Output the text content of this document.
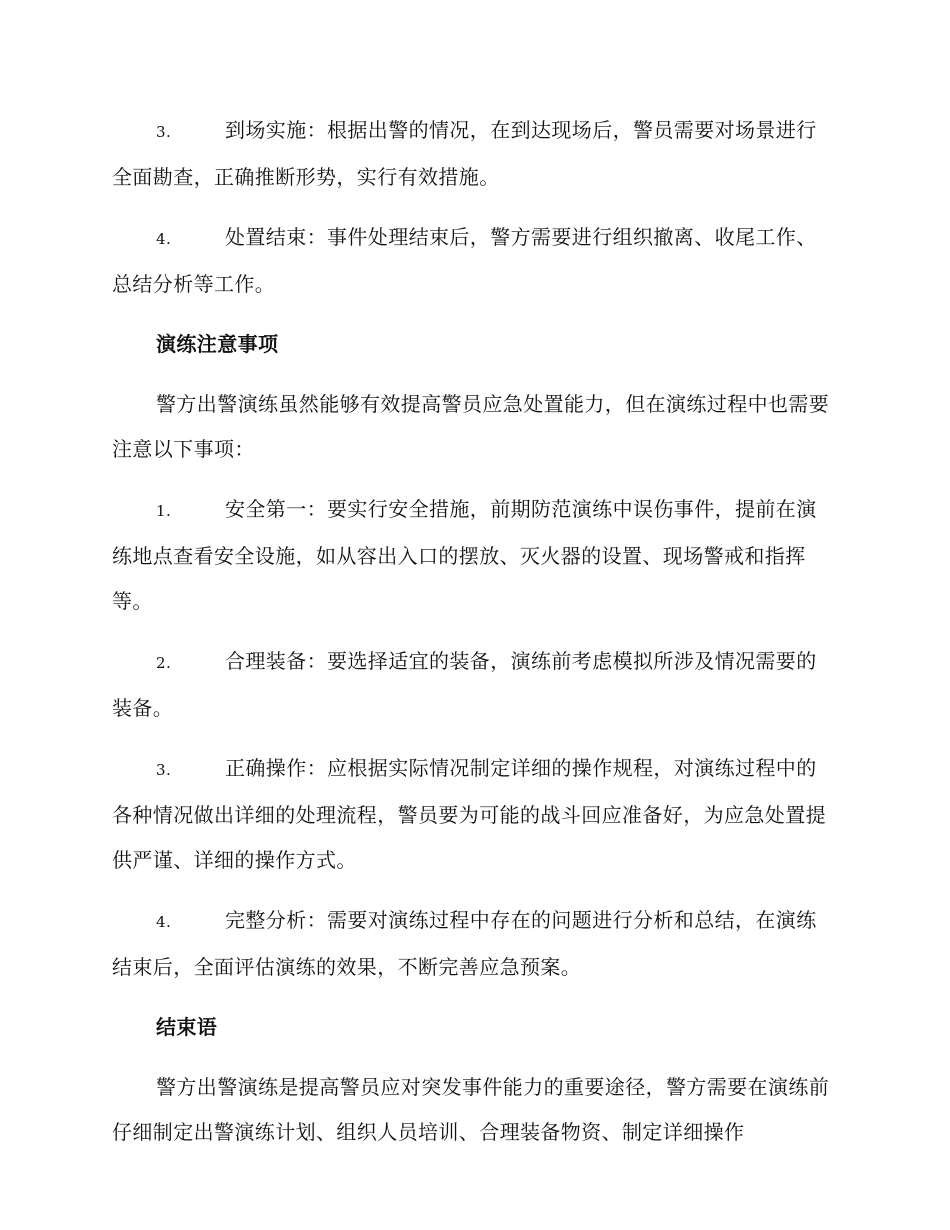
3.	到场实施：根据出警的情况，在到达现场后，警员需要对场景进行全面勘查，正确推断形势，实行有效措施。

4.	处置结束：事件处理结束后，警方需要进行组织撤离、收尾工作、总结分析等工作。

演练注意事项

警方出警演练虽然能够有效提高警员应急处置能力，但在演练过程中也需要注意以下事项：

1.	安全第一：要实行安全措施，前期防范演练中误伤事件，提前在演练地点查看安全设施，如从容出入口的摆放、灭火器的设置、现场警戒和指挥等。

2.	合理装备：要选择适宜的装备，演练前考虑模拟所涉及情况需要的装备。

3.	正确操作：应根据实际情况制定详细的操作规程，对演练过程中的各种情况做出详细的处理流程，警员要为可能的战斗回应准备好，为应急处置提供严谨、详细的操作方式。

4.	完整分析：需要对演练过程中存在的问题进行分析和总结，在演练结束后，全面评估演练的效果，不断完善应急预案。

结束语

警方出警演练是提高警员应对突发事件能力的重要途径，警方需要在演练前仔细制定出警演练计划、组织人员培训、合理装备物资、制定详细操作
